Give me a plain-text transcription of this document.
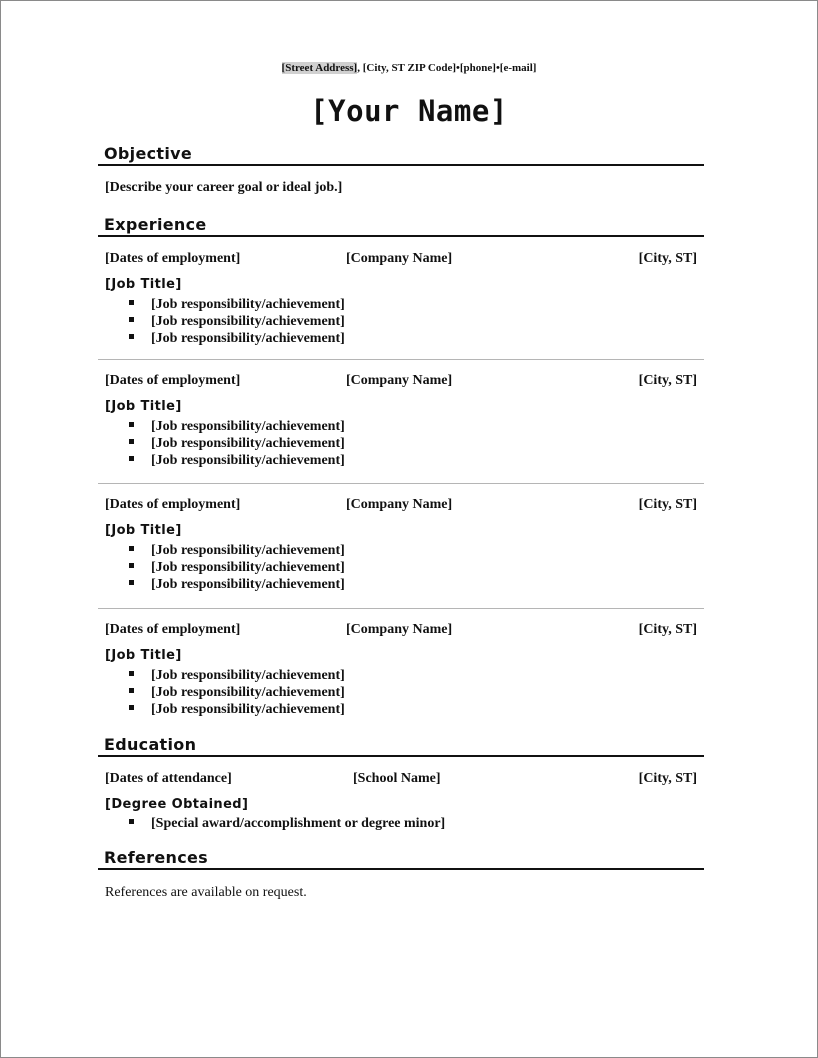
[Street Address], [City, ST ZIP Code]•[phone]•[e-mail]
[Your Name]
Objective
[Describe your career goal or ideal job.]
Experience
[Dates of employment]	[Company Name]	[City, ST]
[Job Title]
[Job responsibility/achievement]
[Job responsibility/achievement]
[Job responsibility/achievement]
[Dates of employment]	[Company Name]	[City, ST]
[Job Title]
[Job responsibility/achievement]
[Job responsibility/achievement]
[Job responsibility/achievement]
[Dates of employment]	[Company Name]	[City, ST]
[Job Title]
[Job responsibility/achievement]
[Job responsibility/achievement]
[Job responsibility/achievement]
[Dates of employment]	[Company Name]	[City, ST]
[Job Title]
[Job responsibility/achievement]
[Job responsibility/achievement]
[Job responsibility/achievement]
Education
[Dates of attendance]	[School Name]	[City, ST]
[Degree Obtained]
[Special award/accomplishment or degree minor]
References
References are available on request.
